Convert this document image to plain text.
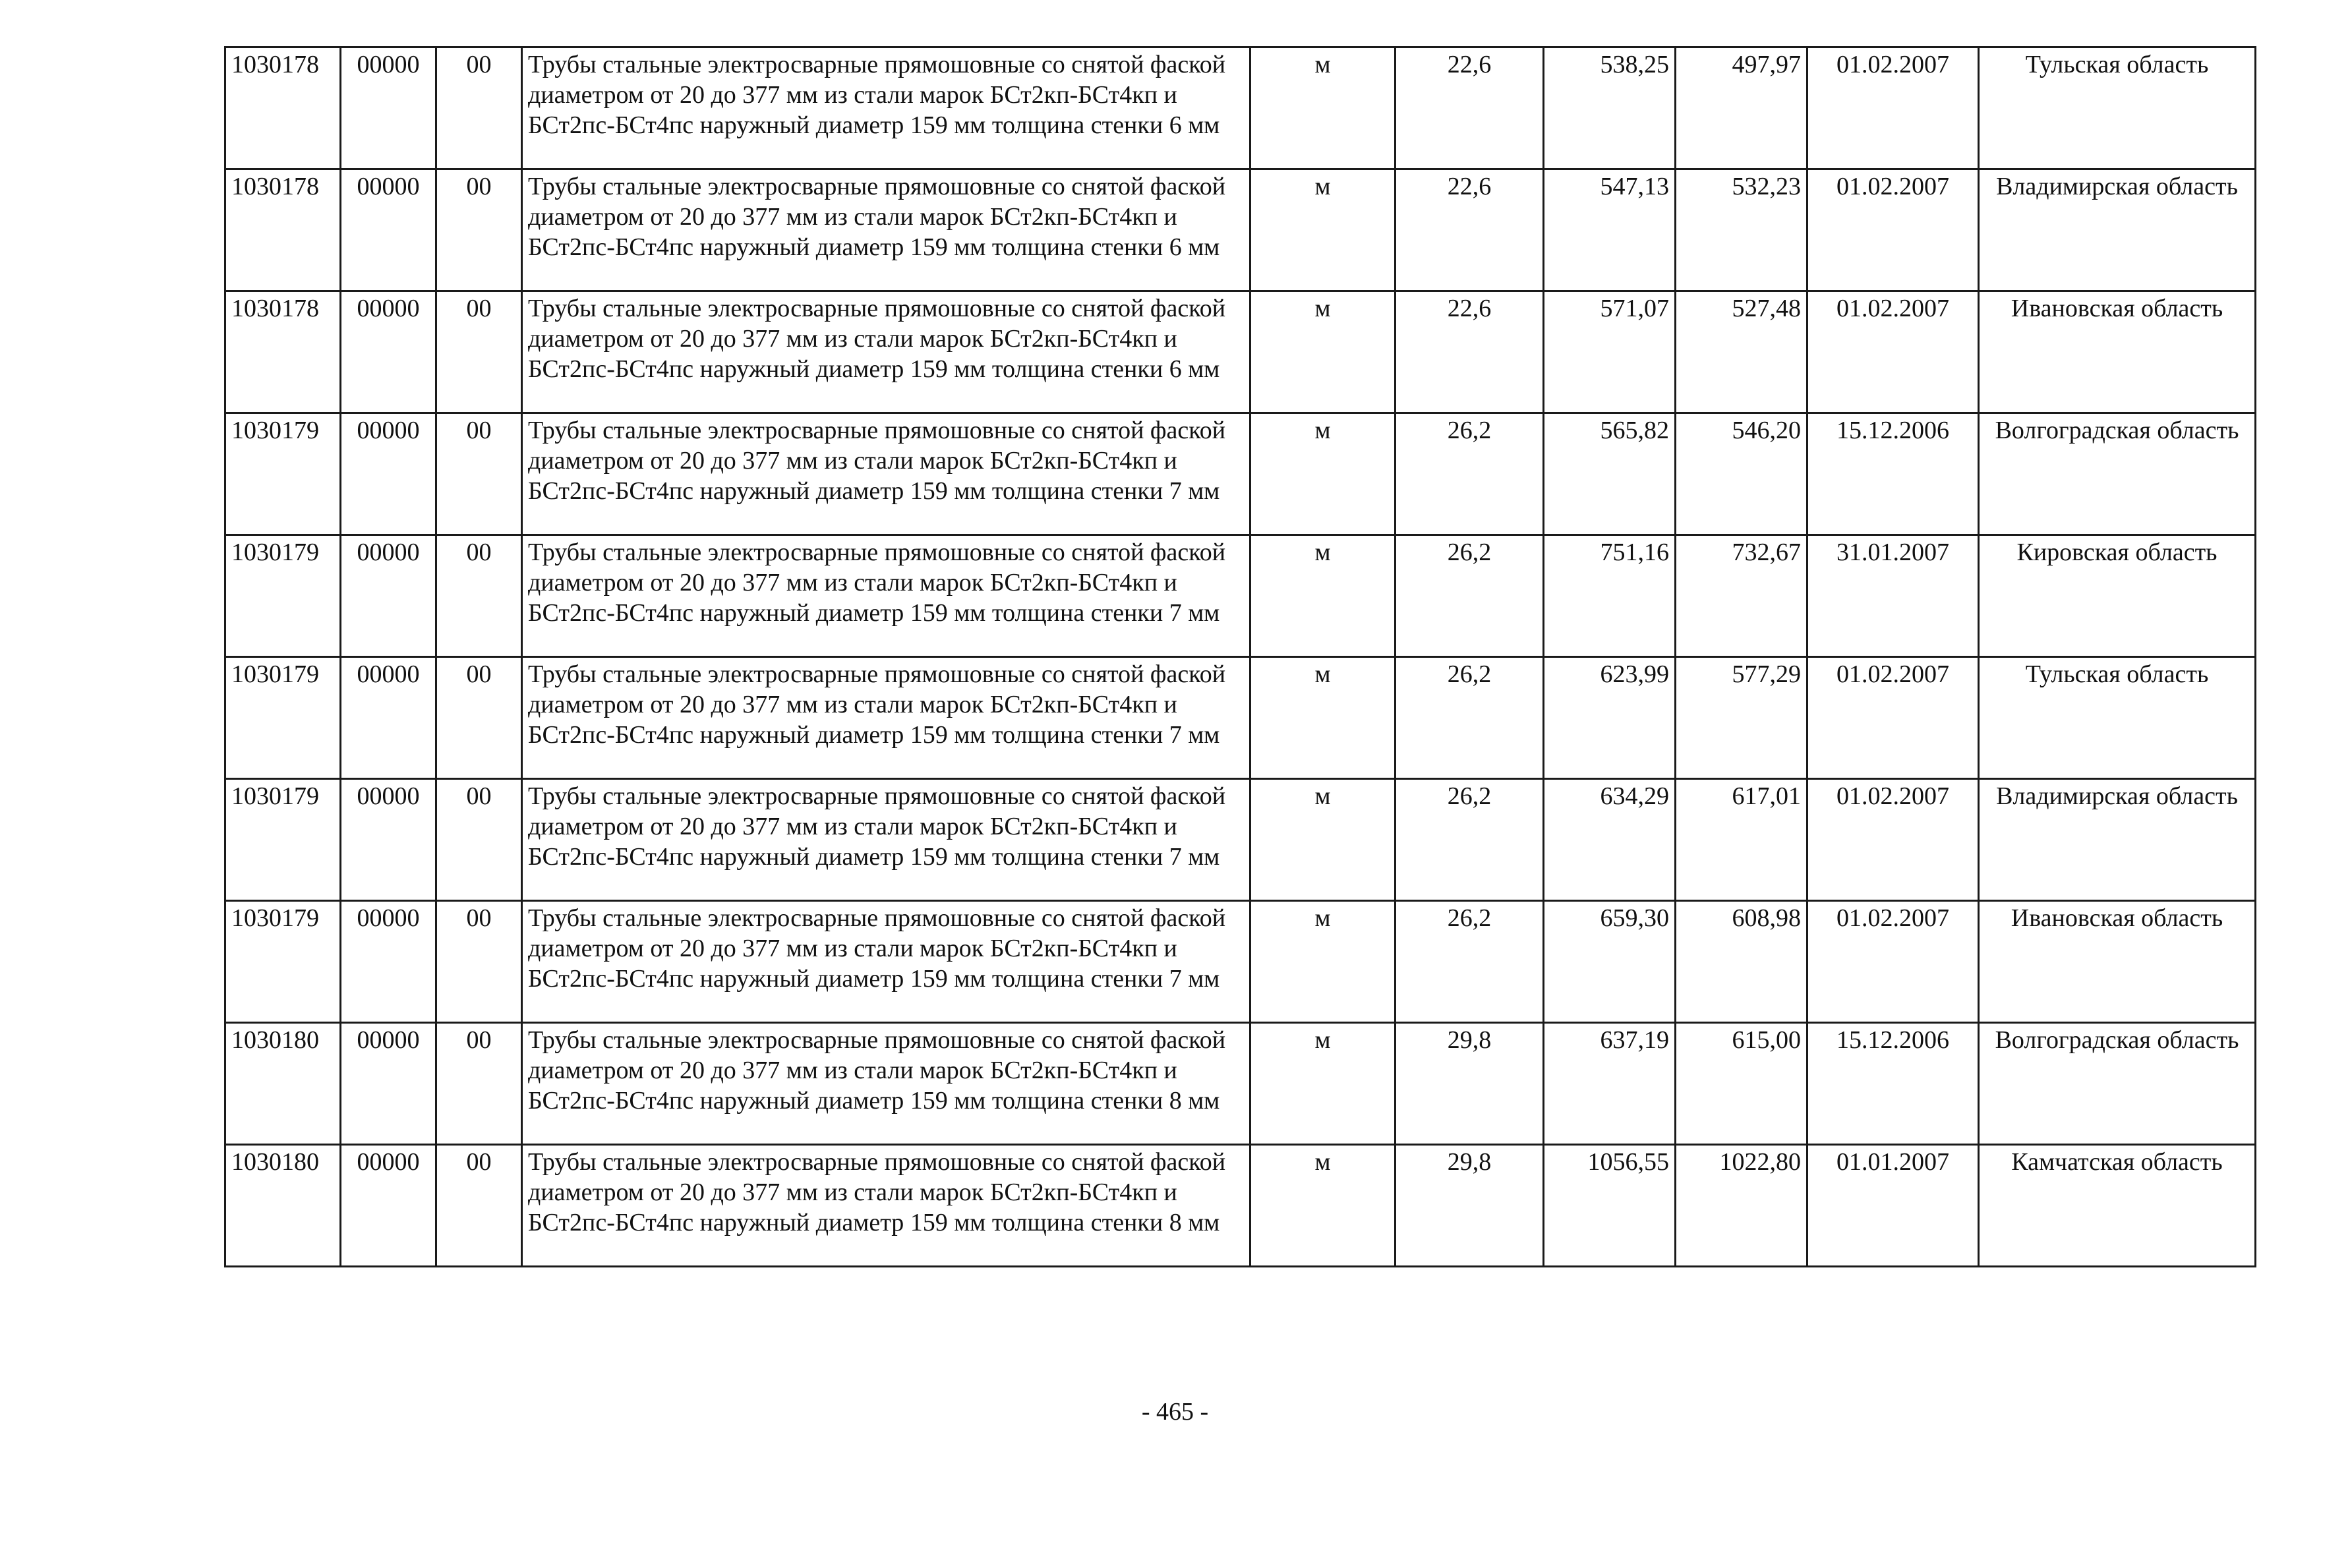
1030178	00000	00	Трубы стальные электросварные прямошовные со снятой фаской диаметром от 20 до 377 мм из стали марок БСт2кп-БСт4кп и БСт2пс-БСт4пс наружный диаметр 159 мм толщина стенки 6 мм	м	22,6	538,25	497,97	01.02.2007	Тульская область
1030178	00000	00	Трубы стальные электросварные прямошовные со снятой фаской диаметром от 20 до 377 мм из стали марок БСт2кп-БСт4кп и БСт2пс-БСт4пс наружный диаметр 159 мм толщина стенки 6 мм	м	22,6	547,13	532,23	01.02.2007	Владимирская область
1030178	00000	00	Трубы стальные электросварные прямошовные со снятой фаской диаметром от 20 до 377 мм из стали марок БСт2кп-БСт4кп и БСт2пс-БСт4пс наружный диаметр 159 мм толщина стенки 6 мм	м	22,6	571,07	527,48	01.02.2007	Ивановская область
1030179	00000	00	Трубы стальные электросварные прямошовные со снятой фаской диаметром от 20 до 377 мм из стали марок БСт2кп-БСт4кп и БСт2пс-БСт4пс наружный диаметр 159 мм толщина стенки 7 мм	м	26,2	565,82	546,20	15.12.2006	Волгоградская область
1030179	00000	00	Трубы стальные электросварные прямошовные со снятой фаской диаметром от 20 до 377 мм из стали марок БСт2кп-БСт4кп и БСт2пс-БСт4пс наружный диаметр 159 мм толщина стенки 7 мм	м	26,2	751,16	732,67	31.01.2007	Кировская область
1030179	00000	00	Трубы стальные электросварные прямошовные со снятой фаской диаметром от 20 до 377 мм из стали марок БСт2кп-БСт4кп и БСт2пс-БСт4пс наружный диаметр 159 мм толщина стенки 7 мм	м	26,2	623,99	577,29	01.02.2007	Тульская область
1030179	00000	00	Трубы стальные электросварные прямошовные со снятой фаской диаметром от 20 до 377 мм из стали марок БСт2кп-БСт4кп и БСт2пс-БСт4пс наружный диаметр 159 мм толщина стенки 7 мм	м	26,2	634,29	617,01	01.02.2007	Владимирская область
1030179	00000	00	Трубы стальные электросварные прямошовные со снятой фаской диаметром от 20 до 377 мм из стали марок БСт2кп-БСт4кп и БСт2пс-БСт4пс наружный диаметр 159 мм толщина стенки 7 мм	м	26,2	659,30	608,98	01.02.2007	Ивановская область
1030180	00000	00	Трубы стальные электросварные прямошовные со снятой фаской диаметром от 20 до 377 мм из стали марок БСт2кп-БСт4кп и БСт2пс-БСт4пс наружный диаметр 159 мм толщина стенки 8 мм	м	29,8	637,19	615,00	15.12.2006	Волгоградская область
1030180	00000	00	Трубы стальные электросварные прямошовные со снятой фаской диаметром от 20 до 377 мм из стали марок БСт2кп-БСт4кп и БСт2пс-БСт4пс наружный диаметр 159 мм толщина стенки 8 мм	м	29,8	1056,55	1022,80	01.01.2007	Камчатская область
- 465 -
